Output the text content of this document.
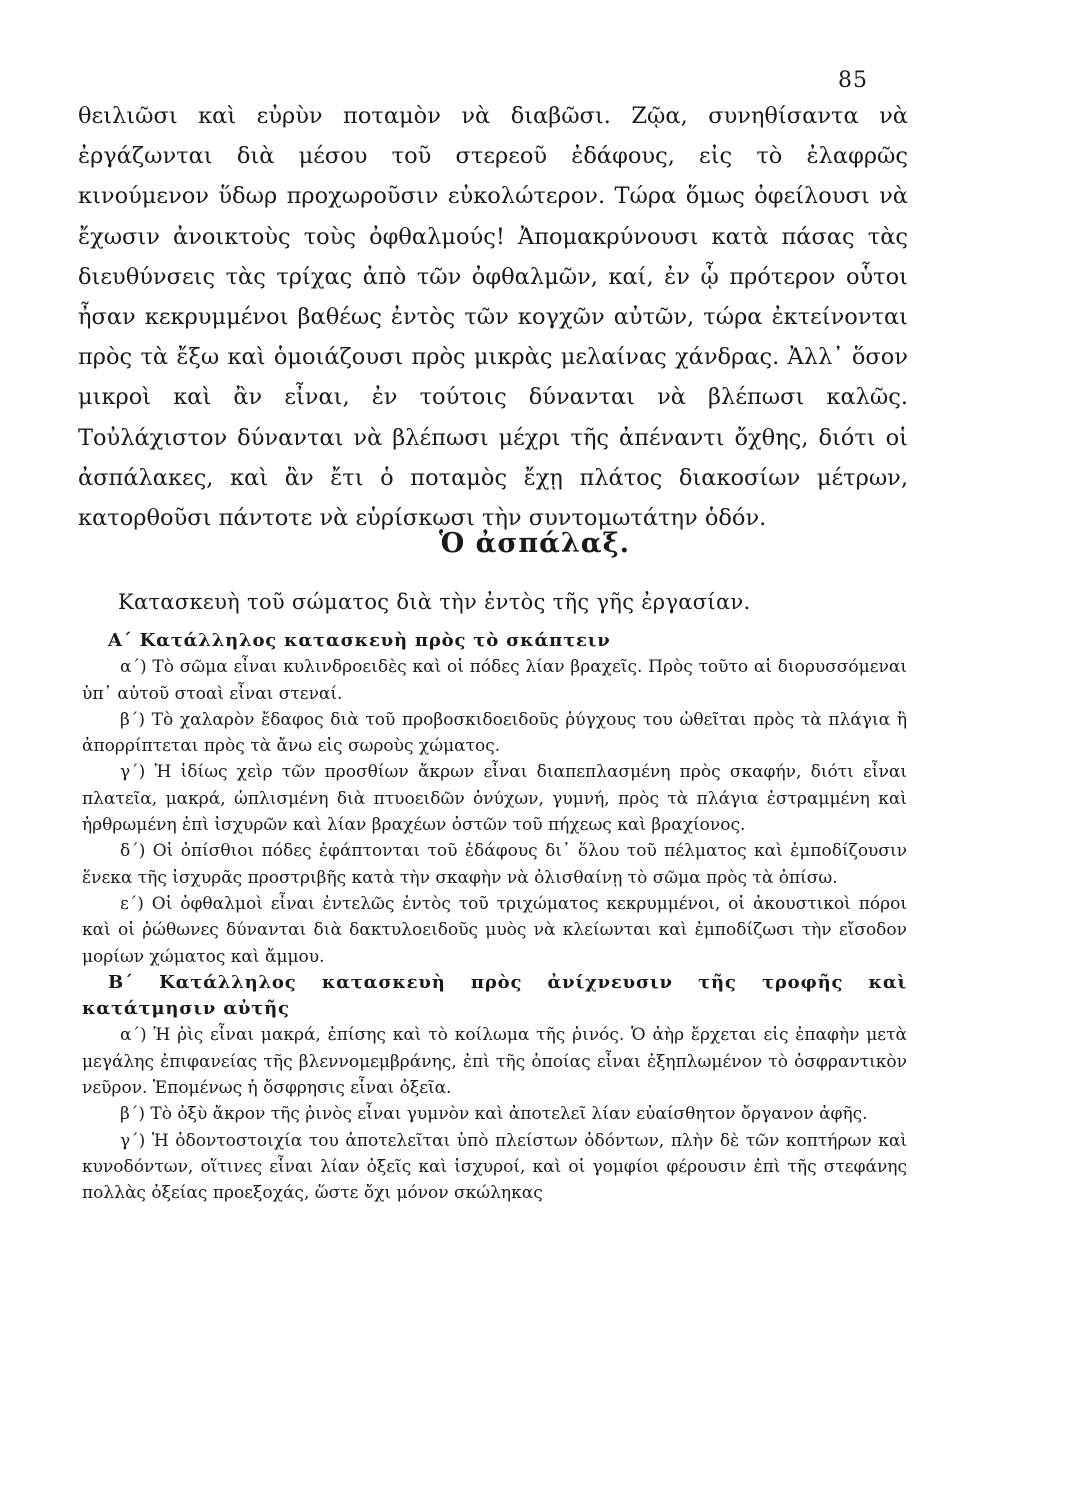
85

θειλιῶσι καὶ εὐρὺν ποταμὸν νὰ διαβῶσι. Ζῷα, συνηθίσαντα νὰ ἐργάζωνται διὰ μέσου τοῦ στερεοῦ ἐδάφους, εἰς τὸ ἐλαφρῶς κινούμενον ὕδωρ προχωροῦσιν εὐκολώτερον. Τώρα ὅμως ὀφείλουσι νὰ ἔχωσιν ἀνοικτοὺς τοὺς ὀφθαλμούς! Ἀπομακρύνουσι κατὰ πάσας τὰς διευθύνσεις τὰς τρίχας ἀπὸ τῶν ὀφθαλμῶν, καί, ἐν ᾧ πρότερον οὗτοι ἦσαν κεκρυμμένοι βαθέως ἐντὸς τῶν κογχῶν αὐτῶν, τώρα ἐκτείνονται πρὸς τὰ ἔξω καὶ ὁμοιάζουσι πρὸς μικρὰς μελαίνας χάνδρας. Ἀλλ᾽ ὅσον μικροὶ καὶ ἂν εἶναι, ἐν τούτοις δύνανται νὰ βλέπωσι καλῶς. Τοὐλάχιστον δύνανται νὰ βλέπωσι μέχρι τῆς ἀπέναντι ὄχθης, διότι οἱ ἀσπάλακες, καὶ ἂν ἔτι ὁ ποταμὸς ἔχῃ πλάτος διακοσίων μέτρων, κατορθοῦσι πάντοτε νὰ εὑρίσκωσι τὴν συντομωτάτην ὁδόν.

Ὁ ἀσπάλαξ.
Κατασκευὴ τοῦ σώματος διὰ τὴν ἐντὸς τῆς γῆς ἐργασίαν.

Α΄ Κατάλληλος κατασκευὴ πρὸς τὸ σκάπτειν

α΄) Τὸ σῶμα εἶναι κυλινδροειδὲς καὶ οἱ πόδες λίαν βραχεῖς. Πρὸς τοῦτο αἱ διορυσσόμεναι ὑπ᾽ αὐτοῦ στοαὶ εἶναι στεναί.

β΄) Τὸ χαλαρὸν ἔδαφος διὰ τοῦ προβοσκιδοειδοῦς ῥύγχους του ὠθεῖται πρὸς τὰ πλάγια ἢ ἀπορρίπτεται πρὸς τὰ ἄνω εἰς σωροὺς χώματος.

γ΄) Ἡ ἰδίως χεὶρ τῶν προσθίων ἄκρων εἶναι διαπεπλασμένη πρὸς σκαφήν, διότι εἶναι πλατεῖα, μακρά, ὡπλισμένη διὰ πτυοειδῶν ὀνύχων, γυμνή, πρὸς τὰ πλάγια ἐστραμμένη καὶ ἠρθρωμένη ἐπὶ ἰσχυρῶν καὶ λίαν βραχέων ὀστῶν τοῦ πήχεως καὶ βραχίονος.

δ΄) Οἱ ὀπίσθιοι πόδες ἐφάπτονται τοῦ ἐδάφους δι᾽ ὅλου τοῦ πέλματος καὶ ἐμποδίζουσιν ἕνεκα τῆς ἰσχυρᾶς προστριβῆς κατὰ τὴν σκαφὴν νὰ ὀλισθαίνῃ τὸ σῶμα πρὸς τὰ ὀπίσω.

ε΄) Οἱ ὀφθαλμοὶ εἶναι ἐντελῶς ἐντὸς τοῦ τριχώματος κεκρυμμένοι, οἱ ἀκουστικοὶ πόροι καὶ οἱ ῥώθωνες δύνανται διὰ δακτυλοειδοῦς μυὸς νὰ κλείωνται καὶ ἐμποδίζωσι τὴν εἴσοδον μορίων χώματος καὶ ἄμμου.

Β΄ Κατάλληλος κατασκευὴ πρὸς ἀνίχνευσιν τῆς τροφῆς καὶ κατάτμησιν αὐτῆς

α΄) Ἡ ῥὶς εἶναι μακρά, ἐπίσης καὶ τὸ κοίλωμα τῆς ῥινός. Ὁ ἀὴρ ἔρχεται εἰς ἐπαφὴν μετὰ μεγάλης ἐπιφανείας τῆς βλεννομεμβράνης, ἐπὶ τῆς ὁποίας εἶναι ἐξηπλωμένον τὸ ὀσφραντικὸν νεῦρον. Ἑπομένως ἡ ὄσφρησις εἶναι ὀξεῖα.

β΄) Τὸ ὀξὺ ἄκρον τῆς ῥινὸς εἶναι γυμνὸν καὶ ἀποτελεῖ λίαν εὐαίσθητον ὄργανον ἀφῆς.

γ΄) Ἡ ὀδοντοστοιχία του ἀποτελεῖται ὑπὸ πλείστων ὀδόντων, πλὴν δὲ τῶν κοπτήρων καὶ κυνοδόντων, οἵτινες εἶναι λίαν ὀξεῖς καὶ ἰσχυροί, καὶ οἱ γομφίοι φέρουσιν ἐπὶ τῆς στεφάνης πολλὰς ὀξείας προεξοχάς, ὥστε ὄχι μόνον σκώληκας
